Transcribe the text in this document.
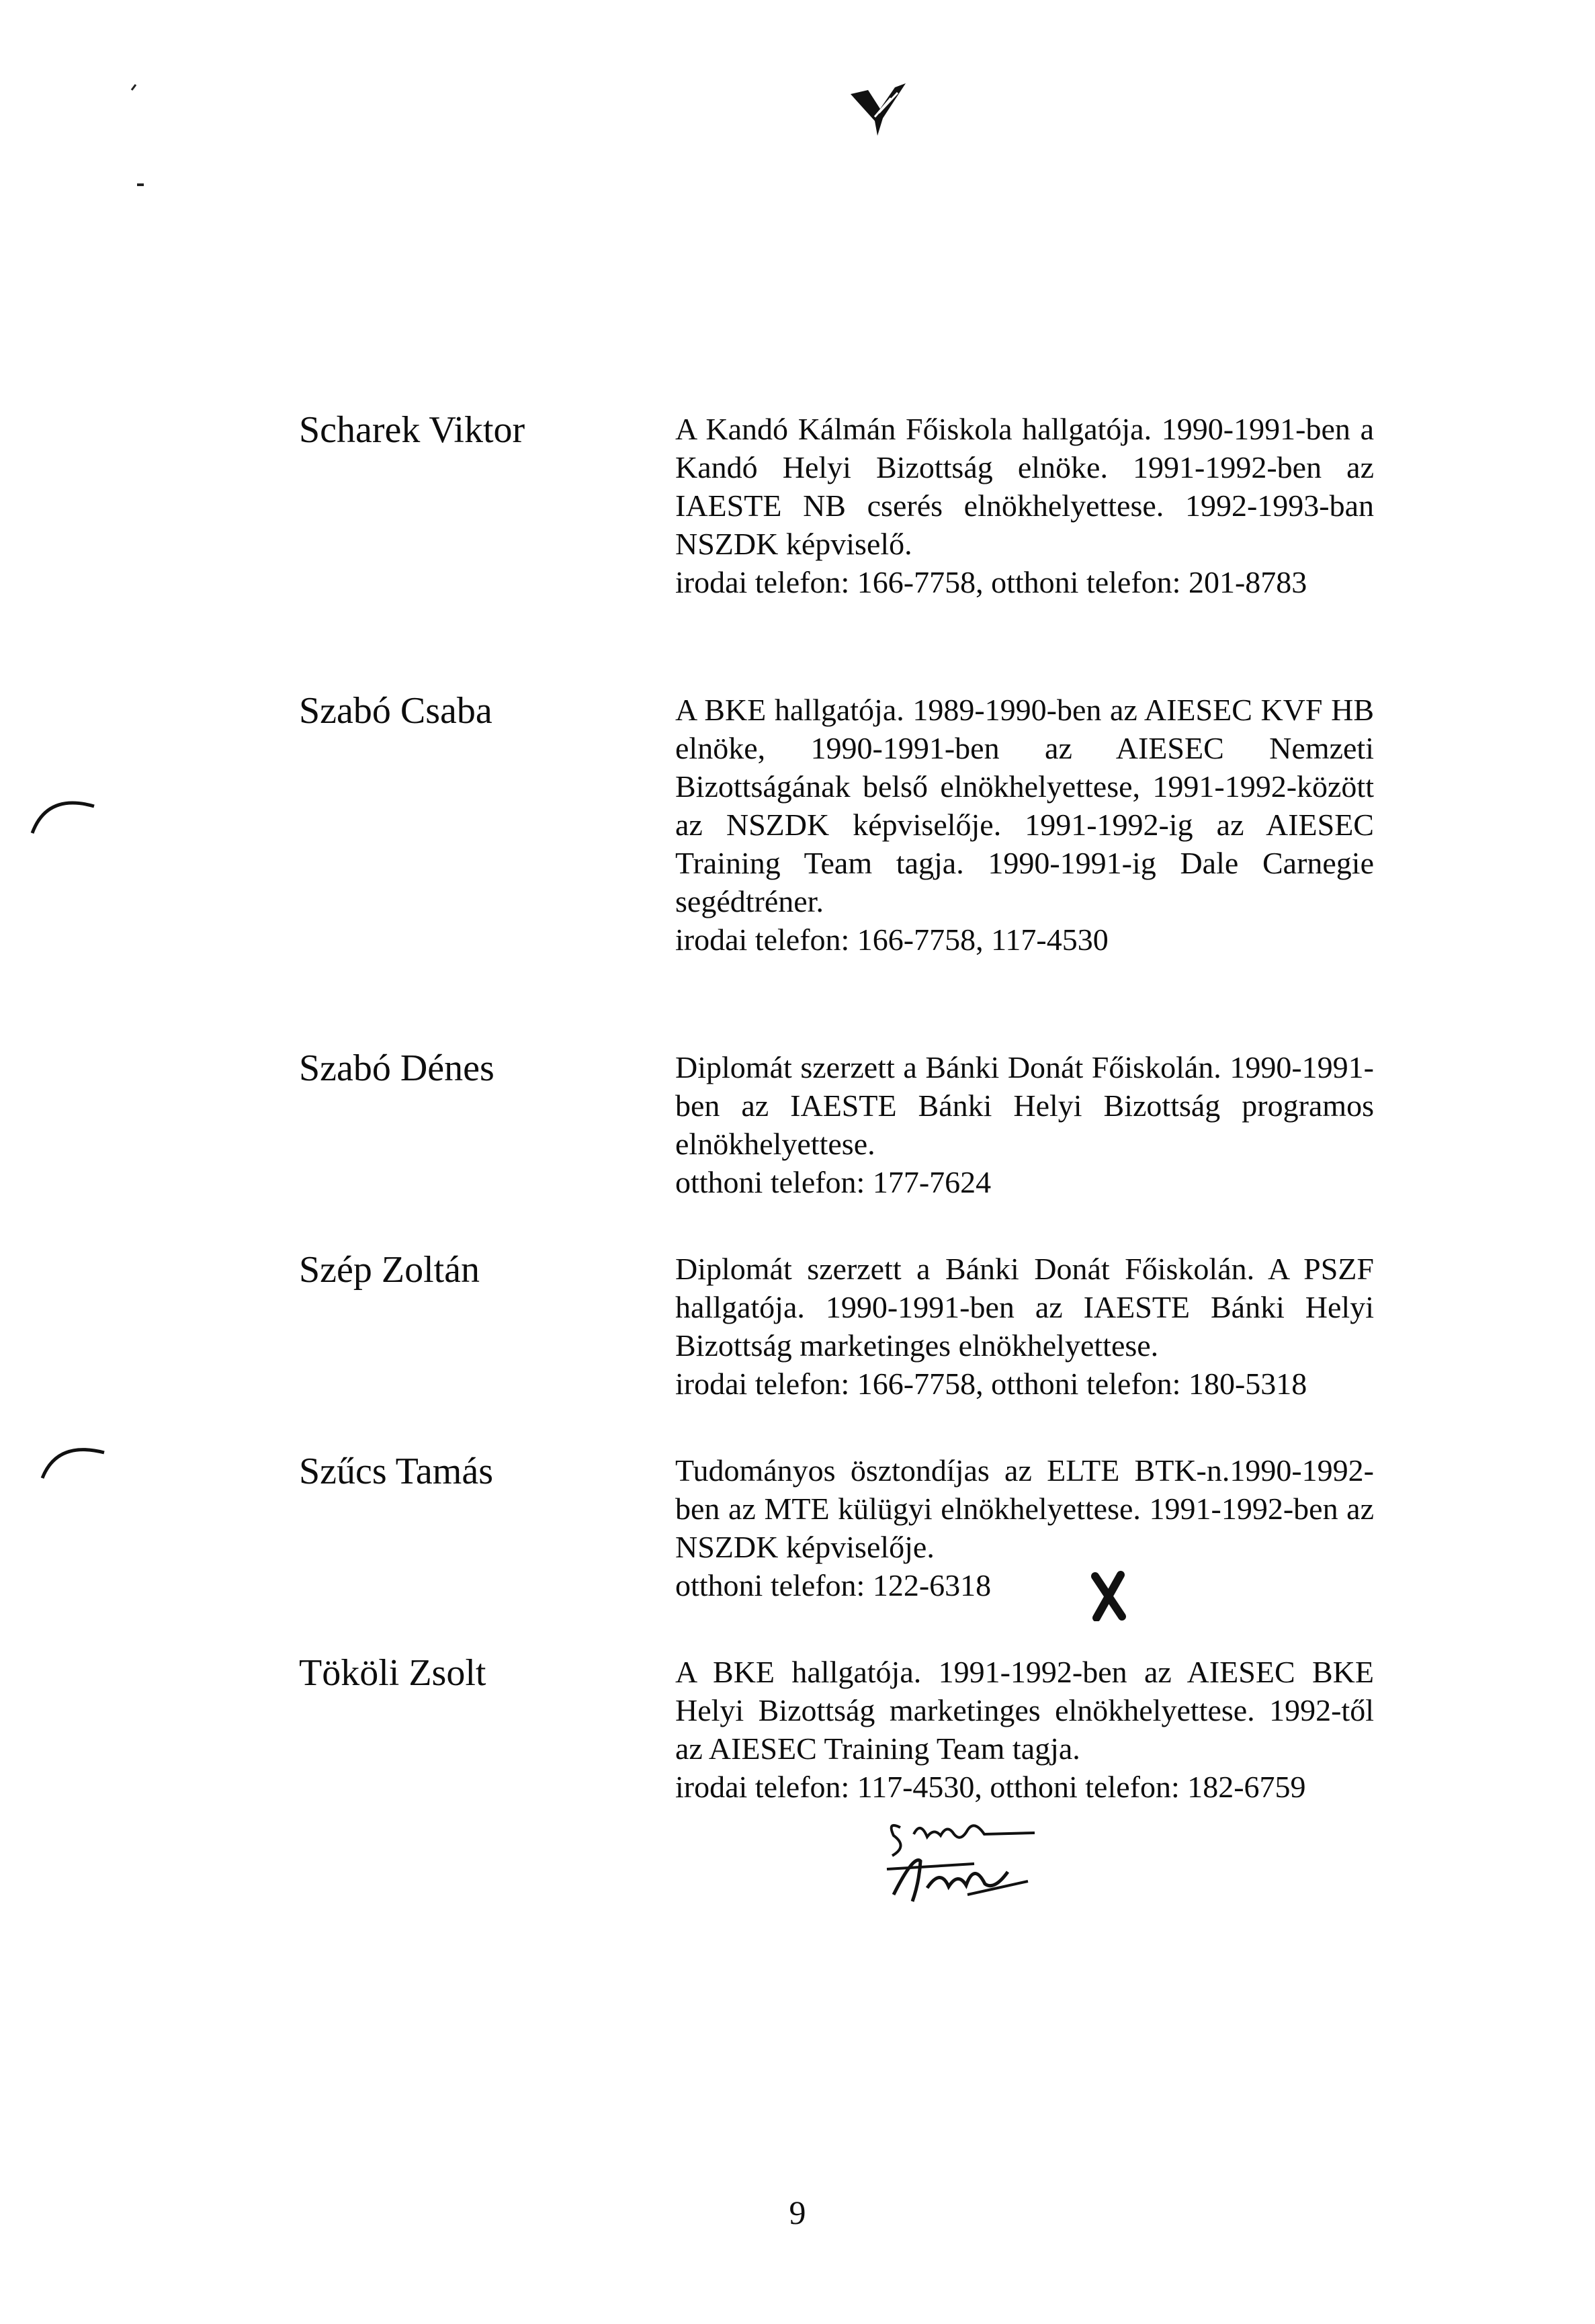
Scharek Viktor	A Kandó Kálmán Főiskola hallgatója. 1990-1991-ben a Kandó Helyi Bizottság elnöke. 1991-1992-ben az IAESTE NB cserés elnökhelyettese. 1992-1993-ban NSZDK képviselő.

irodai telefon: 166-7758, otthoni telefon: 201-8783

Szabó Csaba	A BKE hallgatója. 1989-1990-ben az AIESEC KVF HB elnöke, 1990-1991-ben az AIESEC Nemzeti Bizottságának belső elnökhelyettese, 1991-1992-között az NSZDK képviselője. 1991-1992-ig az AIESEC Training Team tagja. 1990-1991-ig Dale Carnegie segédtréner.

irodai telefon: 166-7758, 117-4530

Szabó Dénes	Diplomát szerzett a Bánki Donát Főiskolán. 1990-1991-ben az IAESTE Bánki Helyi Bizottság programos elnökhelyettese.

otthoni telefon: 177-7624

Szép Zoltán	Diplomát szerzett a Bánki Donát Főiskolán. A PSZF hallgatója. 1990-1991-ben az IAESTE Bánki Helyi Bizottság marketinges elnökhelyettese.

irodai telefon: 166-7758, otthoni telefon: 180-5318

Szűcs Tamás	Tudományos ösztondíjas az ELTE BTK-n.1990-1992-ben az MTE külügyi elnökhelyettese. 1991-1992-ben az NSZDK képviselője.

otthoni telefon: 122-6318

Tököli Zsolt	A BKE hallgatója. 1991-1992-ben az AIESEC BKE Helyi Bizottság marketinges elnökhelyettese. 1992-től az AIESEC Training Team tagja.

irodai telefon: 117-4530, otthoni telefon: 182-6759

9
